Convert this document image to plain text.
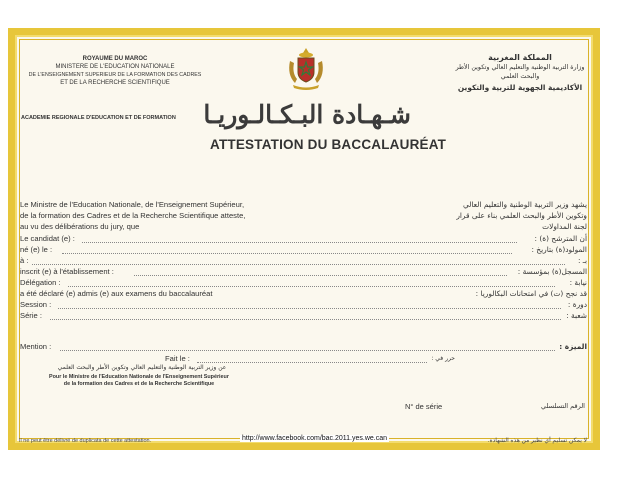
ROYAUME DU MAROC
MINISTERE DE L'EDUCATION NATIONALE
DE L'ENSEIGNEMENT SUPERIEUR DE LA FORMATION DES CADRES
ET DE LA RECHERCHE SCIENTIFIQUE
ACADEMIE REGIONALE D'EDUCATION ET DE FORMATION
المملكة المغربية
وزارة التربية الوطنية والتعليم العالي وتكوين الأطر
والبحث العلمي
الأكاديمية الجهوية للتربية والتكوين
شـهـادة البـكـالـوريـا
ATTESTATION DU BACCALAURÉAT
Le Ministre de l'Education Nationale, de l'Enseignement Supérieur,
de la formation des Cadres et de la Recherche Scientifique atteste,
au vu des délibérations du jury, que
يشهد وزير التربية الوطنية والتعليم العالي
وتكوين الأطر والبحث العلمي بناء على قرار
لجنة المداولات
Le candidat (e) :	أن المترشح (ة) :
né (e) le :	المولود(ة) بتاريخ :
à :	بـ :
inscrit (e) à l'établissement :	المسجل(ة) بمؤسسة :
Délégation :	نيابة :
a été déclaré (e) admis (e) aux examens du baccalauréat	قد نجح (ت) في امتحانات البكالوريا :
Session :	دورة :
Série :	شعبة :
Mention :	الميزة :
Fait le :	حرر في :
عن وزير التربية الوطنية والتعليم العالي وتكوين الأطر والبحث العلمي
Pour le Ministre de l'Education Nationale de l'Enseignement Supérieur
de la formation des Cadres et de la Recherche Scientifique
N° de série	الرقم التسلسلي
Il ne peut être délivré de duplicata de cette attestation.	لا يمكن تسليم أي نظير من هذه الشهادة.
http://www.facebook.com/bac.2011.yes.we.can
